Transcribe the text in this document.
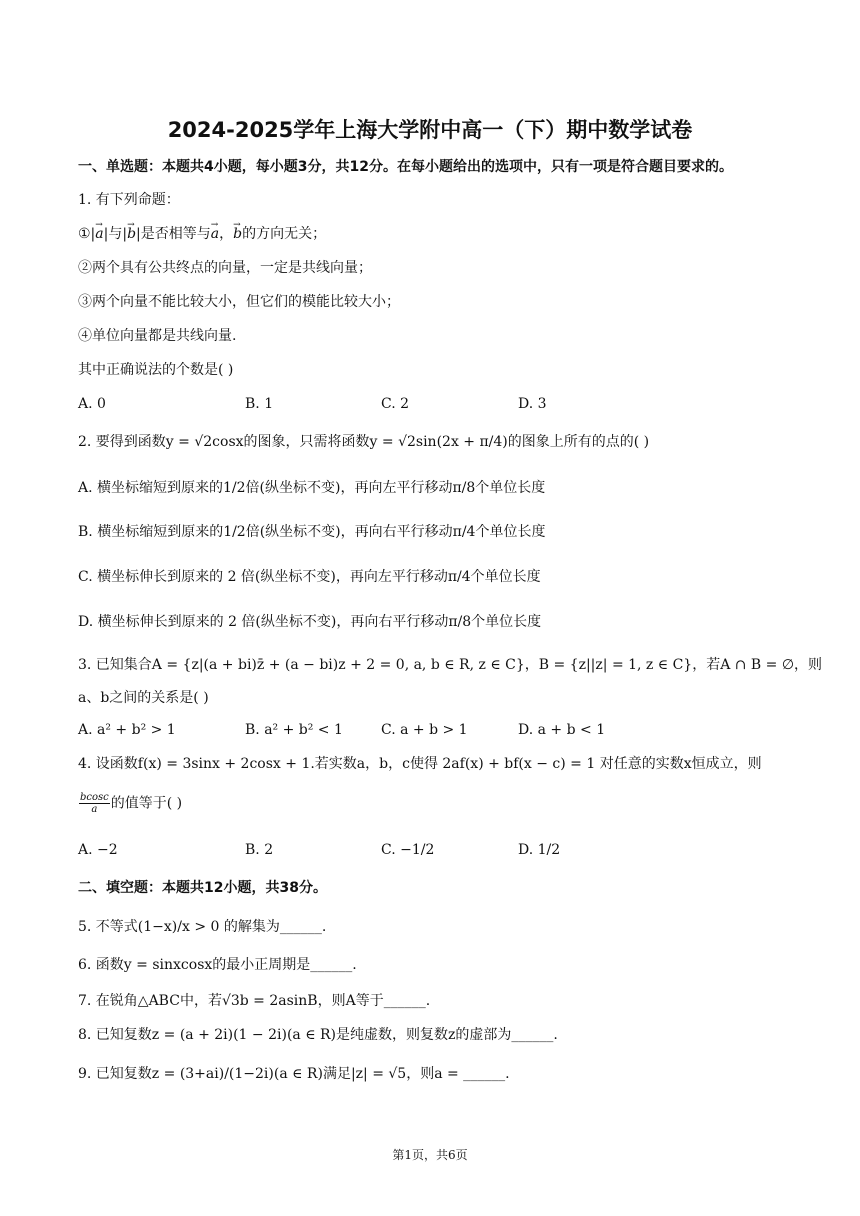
2024-2025学年上海大学附中高一（下）期中数学试卷
一、单选题：本题共4小题，每小题3分，共12分。在每小题给出的选项中，只有一项是符合题目要求的。
1. 有下列命题：
①|→ a|与|→ b|是否相等与→ a，→ b的方向无关；
②两个具有公共终点的向量，一定是共线向量；
③两个向量不能比较大小，但它们的模能比较大小；
④单位向量都是共线向量.
其中正确说法的个数是( )
A. 0	B. 1	C. 2	D. 3
2. 要得到函数y = √2cosx的图象，只需将函数y = √2sin(2x + π/4)的图象上所有的点的( )
A. 横坐标缩短到原来的1/2倍(纵坐标不变)，再向左平行移动π/8个单位长度
B. 横坐标缩短到原来的1/2倍(纵坐标不变)，再向右平行移动π/4个单位长度
C. 横坐标伸长到原来的 2 倍(纵坐标不变)，再向左平行移动π/4个单位长度
D. 横坐标伸长到原来的 2 倍(纵坐标不变)，再向右平行移动π/8个单位长度
3. 已知集合A = {z|(a + bi)z̄ + (a − bi)z + 2 = 0, a, b ∈ R, z ∈ C}，B = {z||z| = 1, z ∈ C}，若A ∩ B = ∅，则
a、b之间的关系是( )
A. a² + b² > 1	B. a² + b² < 1	C. a + b > 1	D. a + b < 1
4. 设函数f(x) = 3sinx + 2cosx + 1.若实数a，b，c使得 2af(x) + bf(x − c) = 1 对任意的实数x恒成立，则
$\frac{bcosc}{a}$ 的值等于( )
A. −2	B. 2	C. −1/2	D. 1/2
二、填空题：本题共12小题，共38分。
5. 不等式(1−x)/x > 0 的解集为______.
6. 函数y = sinxcosx的最小正周期是______.
7. 在锐角△ABC中，若√3b = 2asinB，则A等于______.
8. 已知复数z = (a + 2i)(1 − 2i)(a ∈ R)是纯虚数，则复数z的虚部为______.
9. 已知复数z = (3+ai)/(1−2i)(a ∈ R)满足|z| = √5，则a = ______.
第1页，共6页
